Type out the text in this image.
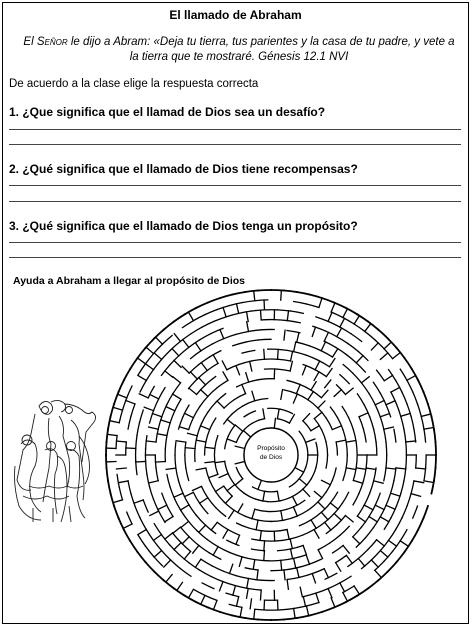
El llamado de Abraham
El Señor le dijo a Abram: «Deja tu tierra, tus parientes y la casa de tu padre, y vete a
la tierra que te mostraré. Génesis 12.1 NVI
De acuerdo a la clase elige la respuesta correcta
1. ¿Que significa que el llamad de Dios sea un desafío?
2. ¿Qué significa que el llamado de Dios tiene recompensas?
3. ¿Qué significa que el llamado de Dios tenga un propósito?
Ayuda a Abraham a llegar al propósito de Dios
Propósito
de Dios
